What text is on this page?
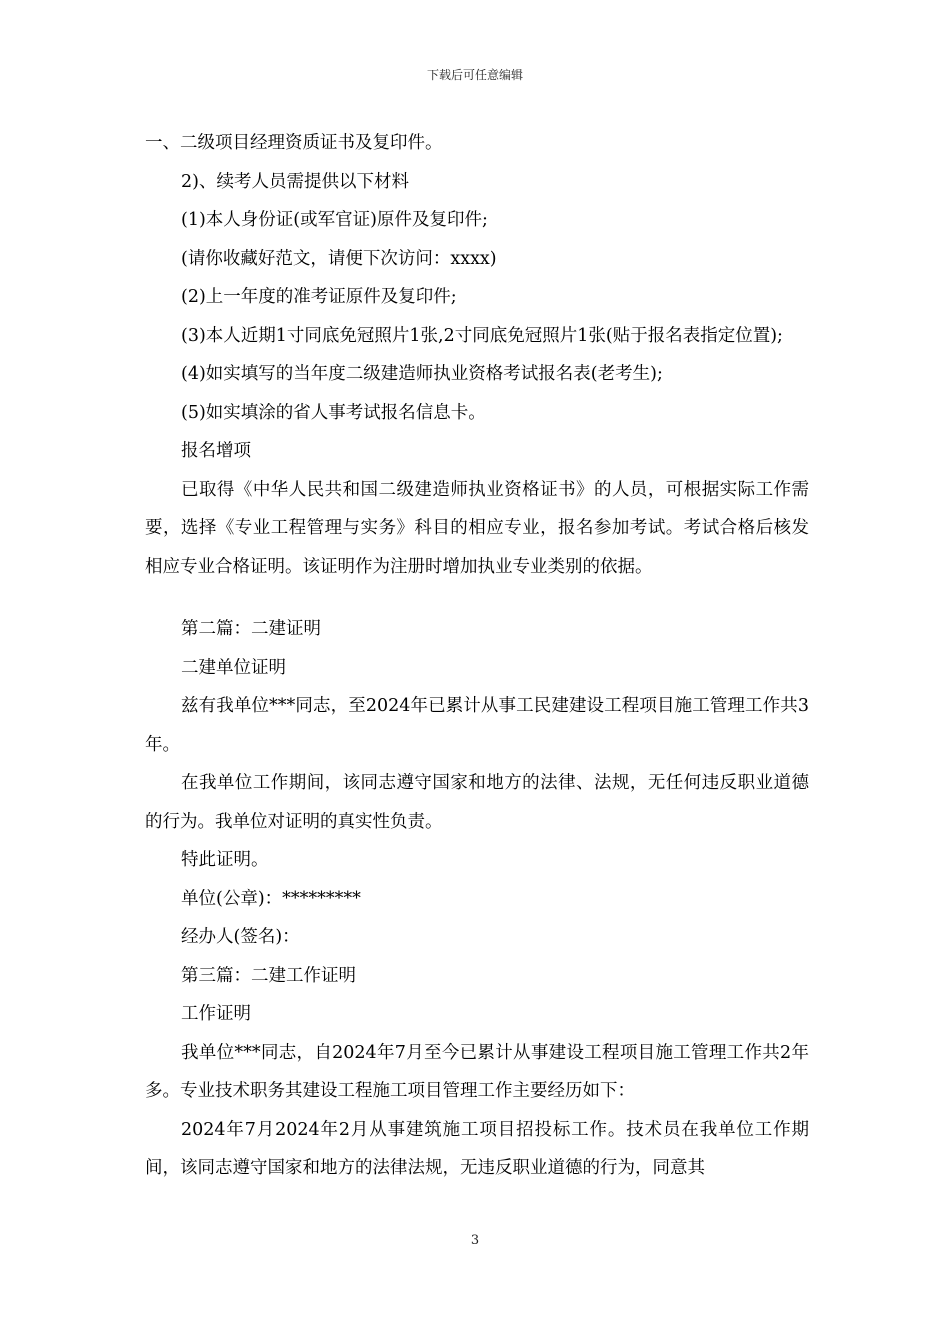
下载后可任意编辑

一、二级项目经理资质证书及复印件。

2)、续考人员需提供以下材料

(1)本人身份证(或军官证)原件及复印件;

(请你收藏好范文，请便下次访问：xxxx)

(2)上一年度的准考证原件及复印件;

(3)本人近期1寸同底免冠照片1张,2寸同底免冠照片1张(贴于报名表指定位置);

(4)如实填写的当年度二级建造师执业资格考试报名表(老考生);

(5)如实填涂的省人事考试报名信息卡。

报名增项

已取得《中华人民共和国二级建造师执业资格证书》的人员，可根据实际工作需要，选择《专业工程管理与实务》科目的相应专业，报名参加考试。考试合格后核发相应专业合格证明。该证明作为注册时增加执业专业类别的依据。

第二篇：二建证明

二建单位证明

兹有我单位***同志，至2024年已累计从事工民建建设工程项目施工管理工作共3年。

在我单位工作期间，该同志遵守国家和地方的法律、法规，无任何违反职业道德的行为。我单位对证明的真实性负责。

特此证明。

单位(公章)：*********

经办人(签名)：

第三篇：二建工作证明

工作证明

我单位***同志，自2024年7月至今已累计从事建设工程项目施工管理工作共2年多。专业技术职务其建设工程施工项目管理工作主要经历如下：

2024年7月2024年2月从事建筑施工项目招投标工作。技术员在我单位工作期间，该同志遵守国家和地方的法律法规，无违反职业道德的行为，同意其

3
